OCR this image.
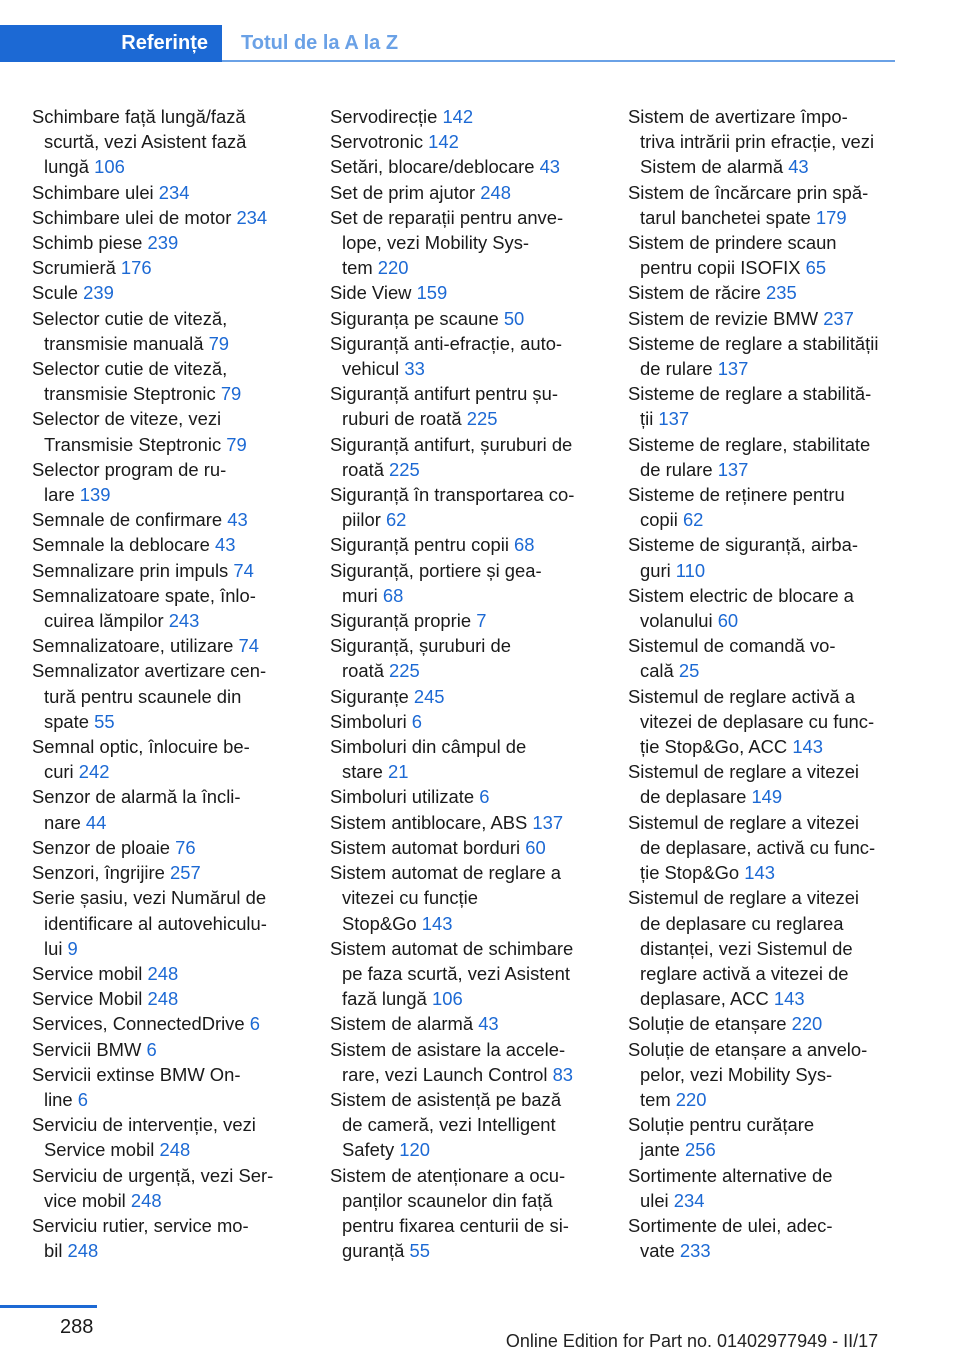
Referințe	Totul de la A la Z
Schimbare față lungă/fază
scurtă, vezi Asistent fază
lungă 106
Schimbare ulei 234
Schimbare ulei de motor 234
Schimb piese 239
Scrumieră 176
Scule 239
Selector cutie de viteză,
transmisie manuală 79
Selector cutie de viteză,
transmisie Steptronic 79
Selector de viteze, vezi
Transmisie Steptronic 79
Selector program de ru‐
lare 139
Semnale de confirmare 43
Semnale la deblocare 43
Semnalizare prin impuls 74
Semnalizatoare spate, înlo‐
cuirea lămpilor 243
Semnalizatoare, utilizare 74
Semnalizator avertizare cen‐
tură pentru scaunele din
spate 55
Semnal optic, înlocuire be‐
curi 242
Senzor de alarmă la încli‐
nare 44
Senzor de ploaie 76
Senzori, îngrijire 257
Serie șasiu, vezi Numărul de
identificare al autovehiculu‐
lui 9
Service mobil 248
Service Mobil 248
Services, ConnectedDrive 6
Servicii BMW 6
Servicii extinse BMW On‐
line 6
Serviciu de intervenție, vezi
Service mobil 248
Serviciu de urgență, vezi Ser‐
vice mobil 248
Serviciu rutier, service mo‐
bil 248
Servodirecție 142
Servotronic 142
Setări, blocare/deblocare 43
Set de prim ajutor 248
Set de reparații pentru anve‐
lope, vezi Mobility Sys‐
tem 220
Side View 159
Siguranța pe scaune 50
Siguranță anti-efracție, auto‐
vehicul 33
Siguranță antifurt pentru șu‐
ruburi de roată 225
Siguranță antifurt, șuruburi de
roată 225
Siguranță în transportarea co‐
piilor 62
Siguranță pentru copii 68
Siguranță, portiere și gea‐
muri 68
Siguranță proprie 7
Siguranță, șuruburi de
roată 225
Siguranțe 245
Simboluri 6
Simboluri din câmpul de
stare 21
Simboluri utilizate 6
Sistem antiblocare, ABS 137
Sistem automat borduri 60
Sistem automat de reglare a
vitezei cu funcție
Stop&Go 143
Sistem automat de schimbare
pe faza scurtă, vezi Asistent
fază lungă 106
Sistem de alarmă 43
Sistem de asistare la accele‐
rare, vezi Launch Control 83
Sistem de asistență pe bază
de cameră, vezi Intelligent
Safety 120
Sistem de atenționare a ocu‐
panților scaunelor din față
pentru fixarea centurii de si‐
guranță 55
Sistem de avertizare împo‐
triva intrării prin efracție, vezi
Sistem de alarmă 43
Sistem de încărcare prin spă‐
tarul banchetei spate 179
Sistem de prindere scaun
pentru copii ISOFIX 65
Sistem de răcire 235
Sistem de revizie BMW 237
Sisteme de reglare a stabilității
de rulare 137
Sisteme de reglare a stabilită‐
ții 137
Sisteme de reglare, stabilitate
de rulare 137
Sisteme de reținere pentru
copii 62
Sisteme de siguranță, airba‐
guri 110
Sistem electric de blocare a
volanului 60
Sistemul de comandă vo‐
cală 25
Sistemul de reglare activă a
vitezei de deplasare cu func‐
ție Stop&Go, ACC 143
Sistemul de reglare a vitezei
de deplasare 149
Sistemul de reglare a vitezei
de deplasare, activă cu func‐
ție Stop&Go 143
Sistemul de reglare a vitezei
de deplasare cu reglarea
distanței, vezi Sistemul de
reglare activă a vitezei de
deplasare, ACC 143
Soluție de etanșare 220
Soluție de etanșare a anvelo‐
pelor, vezi Mobility Sys‐
tem 220
Soluție pentru curățare
jante 256
Sortimente alternative de
ulei 234
Sortimente de ulei, adec‐
vate 233
288
Online Edition for Part no. 01402977949 - II/17
